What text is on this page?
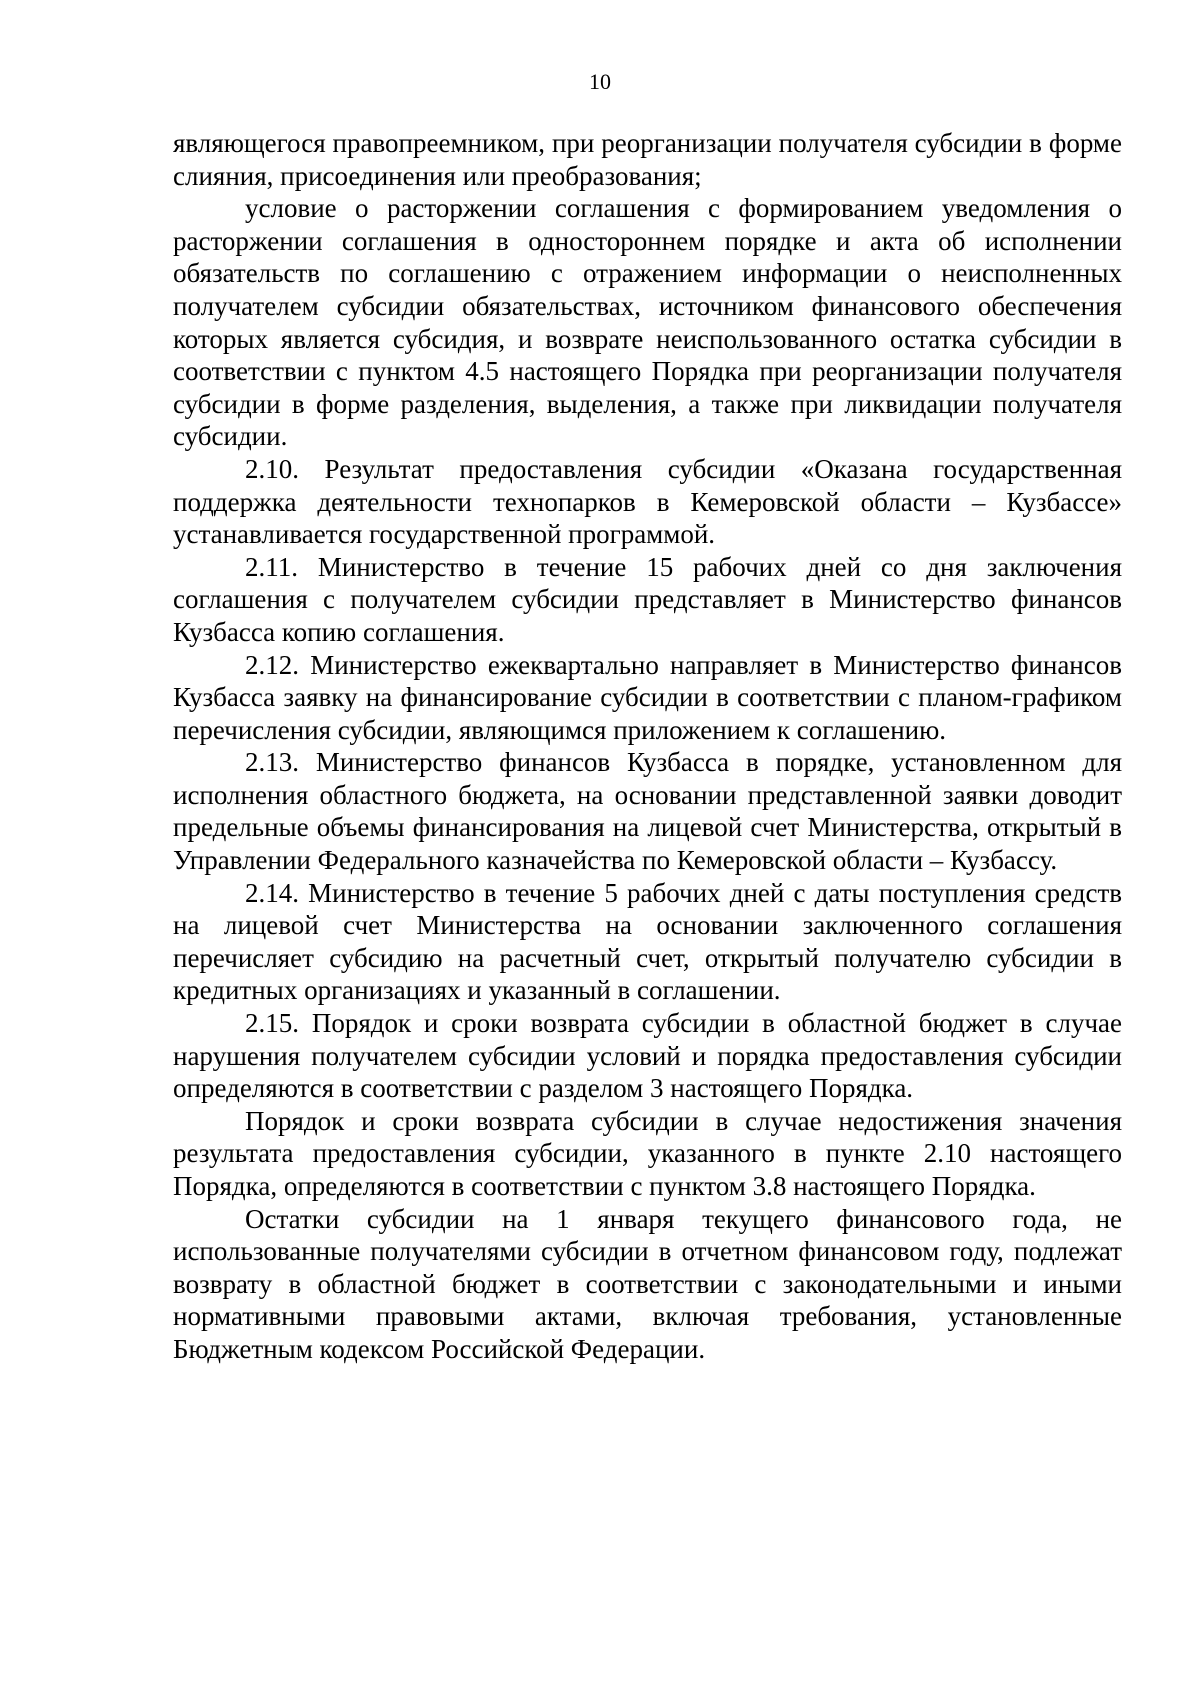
10

являющегося правопреемником, при реорганизации получателя субсидии в форме слияния, присоединения или преобразования;

условие о расторжении соглашения с формированием уведомления о расторжении соглашения в одностороннем порядке и акта об исполнении обязательств по соглашению с отражением информации о неисполненных получателем субсидии обязательствах, источником финансового обеспечения которых является субсидия, и возврате неиспользованного остатка субсидии в соответствии с пунктом 4.5 настоящего Порядка при реорганизации получателя субсидии в форме разделения, выделения, а также при ликвидации получателя субсидии.

2.10. Результат предоставления субсидии «Оказана государственная поддержка деятельности технопарков в Кемеровской области – Кузбассе» устанавливается государственной программой.

2.11. Министерство в течение 15 рабочих дней со дня заключения соглашения с получателем субсидии представляет в Министерство финансов Кузбасса копию соглашения.

2.12. Министерство ежеквартально направляет в Министерство финансов Кузбасса заявку на финансирование субсидии в соответствии с планом-графиком перечисления субсидии, являющимся приложением к соглашению.

2.13. Министерство финансов Кузбасса в порядке, установленном для исполнения областного бюджета, на основании представленной заявки доводит предельные объемы финансирования на лицевой счет Министерства, открытый в Управлении Федерального казначейства по Кемеровской области – Кузбассу.

2.14. Министерство в течение 5 рабочих дней с даты поступления средств на лицевой счет Министерства на основании заключенного соглашения перечисляет субсидию на расчетный счет, открытый получателю субсидии в кредитных организациях и указанный в соглашении.

2.15. Порядок и сроки возврата субсидии в областной бюджет в случае нарушения получателем субсидии условий и порядка предоставления субсидии определяются в соответствии с разделом 3 настоящего Порядка.

Порядок и сроки возврата субсидии в случае недостижения значения результата предоставления субсидии, указанного в пункте 2.10 настоящего Порядка, определяются в соответствии с пунктом 3.8 настоящего Порядка.

Остатки субсидии на 1 января текущего финансового года, не использованные получателями субсидии в отчетном финансовом году, подлежат возврату в областной бюджет в соответствии с законодательными и иными нормативными правовыми актами, включая требования, установленные Бюджетным кодексом Российской Федерации.
